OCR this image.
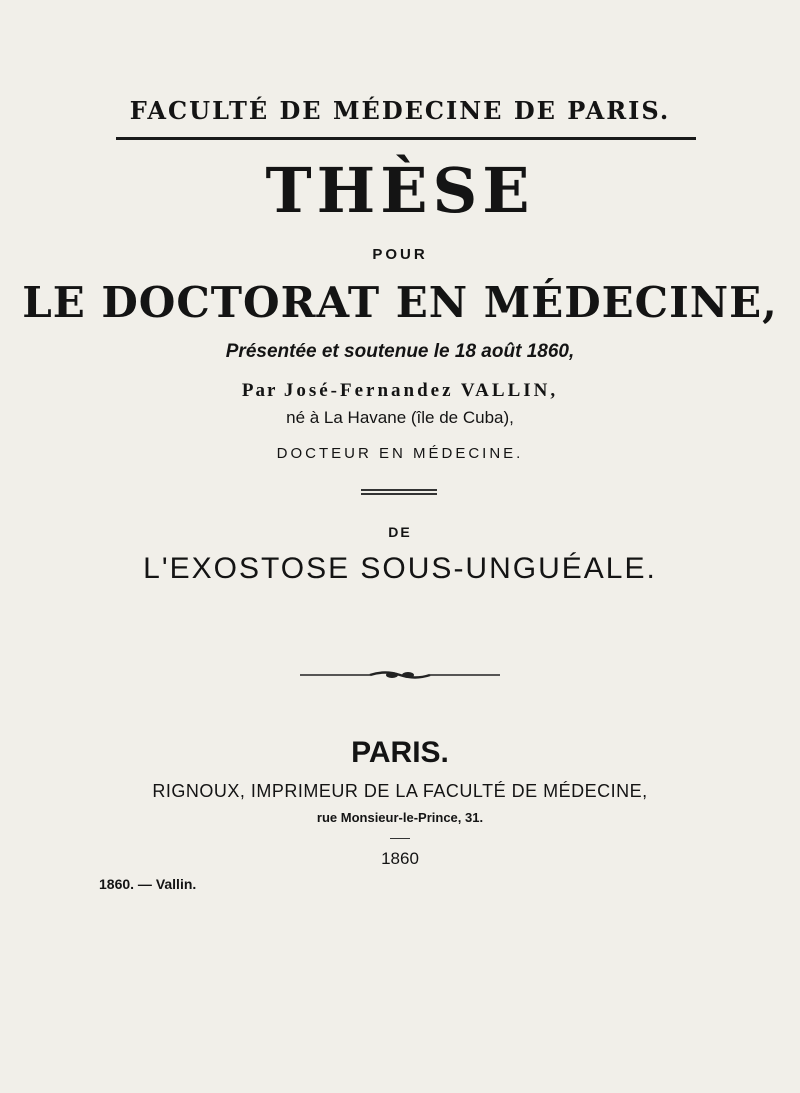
FACULTÉ DE MÉDECINE DE PARIS.
THÈSE
POUR
LE DOCTORAT EN MÉDECINE,
Présentée et soutenue le 18 août 1860,
Par José-Fernandez VALLIN,
né à La Havane (île de Cuba),
DOCTEUR EN MÉDECINE.
DE
L'EXOSTOSE SOUS-UNGUÉALE.
PARIS.
RIGNOUX, IMPRIMEUR DE LA FACULTÉ DE MÉDECINE,
rue Monsieur-le-Prince, 31.
1860
1860. — Vallin.
